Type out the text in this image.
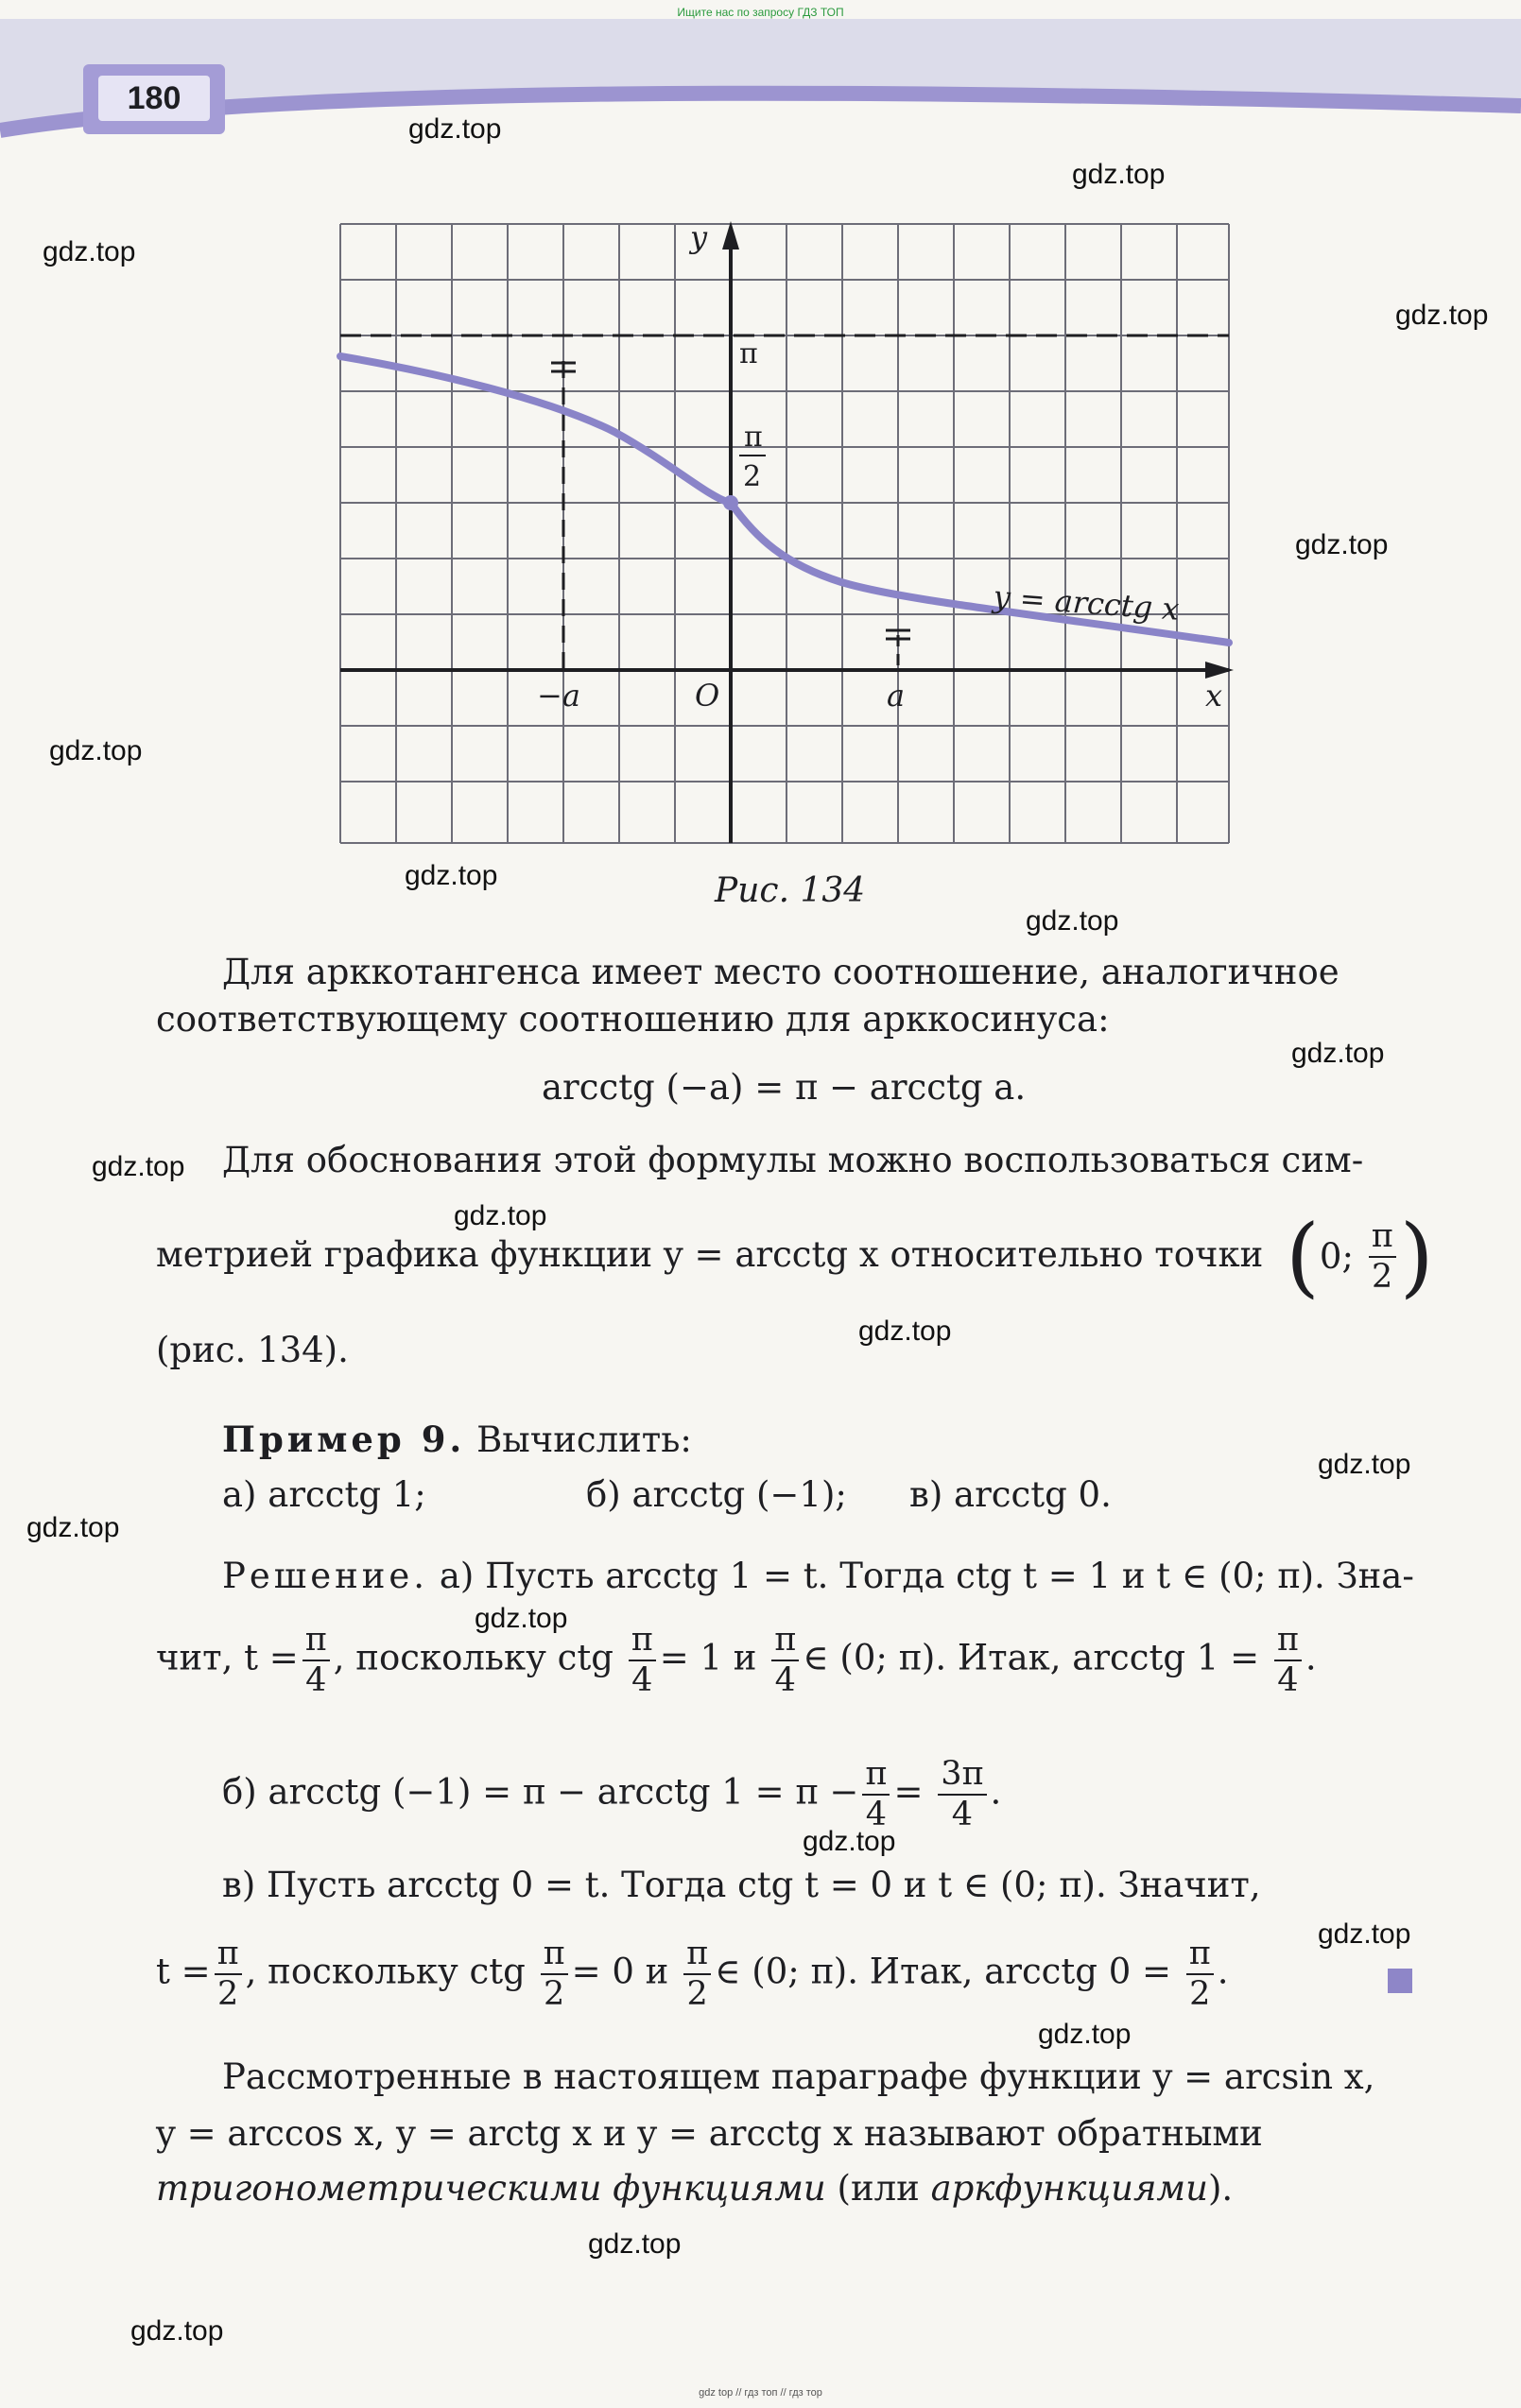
Ищите нас по запросу ГДЗ ТОП
gdz top // гдз топ // гдз тор
180
gdz.top
gdz.top
gdz.top
gdz.top
gdz.top
gdz.top
gdz.top
gdz.top
gdz.top
gdz.top
gdz.top
gdz.top
gdz.top
gdz.top
gdz.top
gdz.top
gdz.top
gdz.top
gdz.top
gdz.top
y
x
O
π
π
2
−a	a
y = arcctg x
Рис. 134
Для арккотангенса имеет место соотношение, аналогичное
соответствующему соотношению для арккосинуса:
arcctg (−a) = π − arcctg a.
Для обоснования этой формулы можно воспользоваться сим-
метрией графика функции y = arcctg x относительно точки (0; $\frac{\pi}{2}$ )
(рис. 134).
Пример 9. Вычислить:
а) arcctg 1;	б) arcctg (−1); в) arcctg 0.
Решение. а) Пусть arcctg 1 = t. Тогда ctg t = 1 и t ∈ (0; π). Зна-
чит, $t = \frac{\pi}{4}$ , поскольку ctg $\frac{\pi}{4} = 1$ и $\frac{\pi}{4}$ ∈ (0; π). Итак, arcctg $1 = \frac{\pi}{4}$ .
б) arcctg (−1) = π − arcctg $1 = \pi - \frac{\pi}{4} = \frac{3\pi}{4}$ .
в) Пусть arcctg 0 = t. Тогда ctg t = 0 и t ∈ (0; π). Значит,
$t = \frac{\pi}{2}$ , поскольку ctg $\frac{\pi}{2} = 0$ и $\frac{\pi}{2}$ ∈ (0; π). Итак, arcctg $0 = \frac{\pi}{2}$ .
Рассмотренные в настоящем параграфе функции y = arcsin x,
y = arccos x, y = arctg x и y = arcctg x называют обратными
тригонометрическими функциями (или аркфункциями).
